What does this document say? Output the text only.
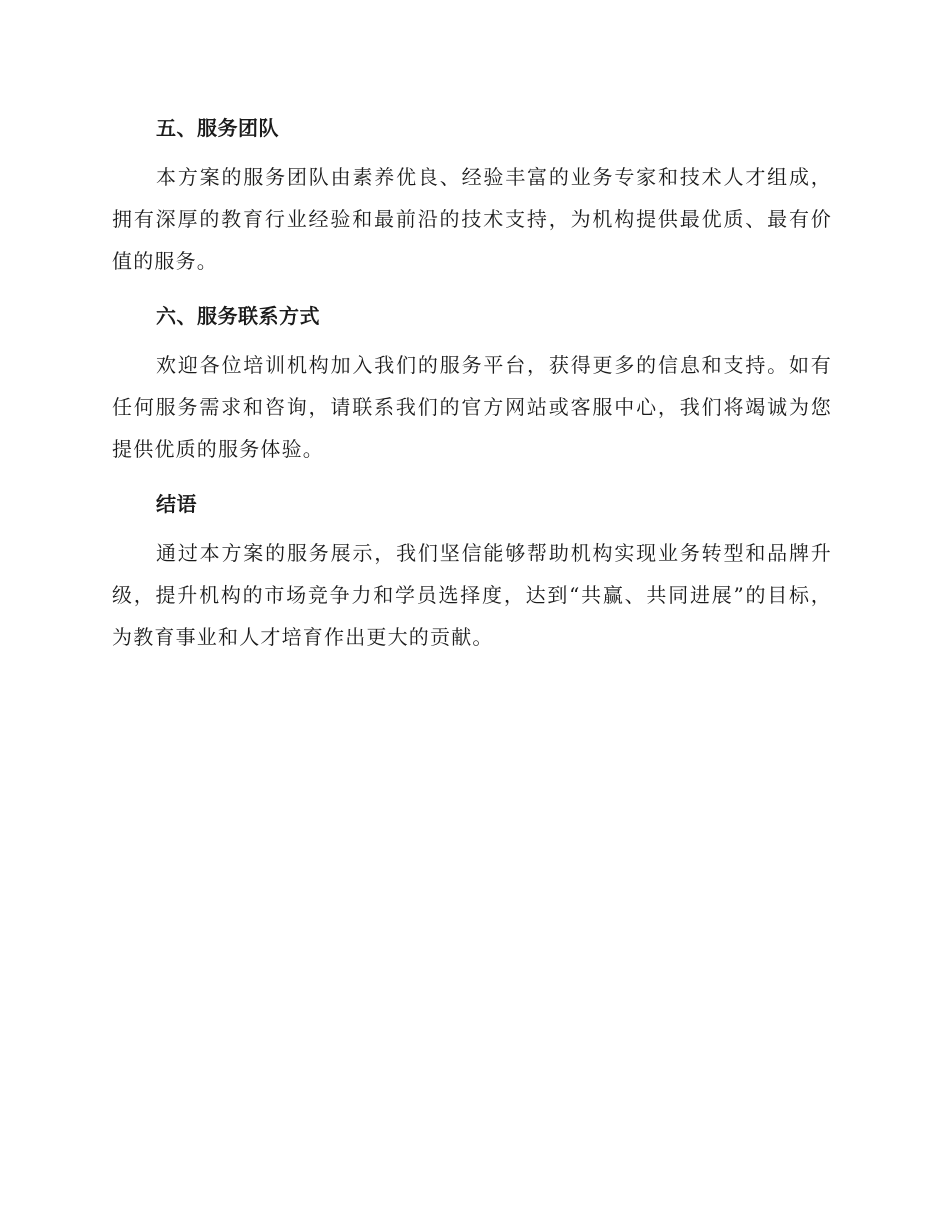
五、服务团队

本方案的服务团队由素养优良、经验丰富的业务专家和技术人才组成，拥有深厚的教育行业经验和最前沿的技术支持，为机构提供最优质、最有价值的服务。

六、服务联系方式

欢迎各位培训机构加入我们的服务平台，获得更多的信息和支持。如有任何服务需求和咨询，请联系我们的官方网站或客服中心，我们将竭诚为您提供优质的服务体验。

结语

通过本方案的服务展示，我们坚信能够帮助机构实现业务转型和品牌升级，提升机构的市场竞争力和学员选择度，达到“共赢、共同进展”的目标，为教育事业和人才培育作出更大的贡献。
